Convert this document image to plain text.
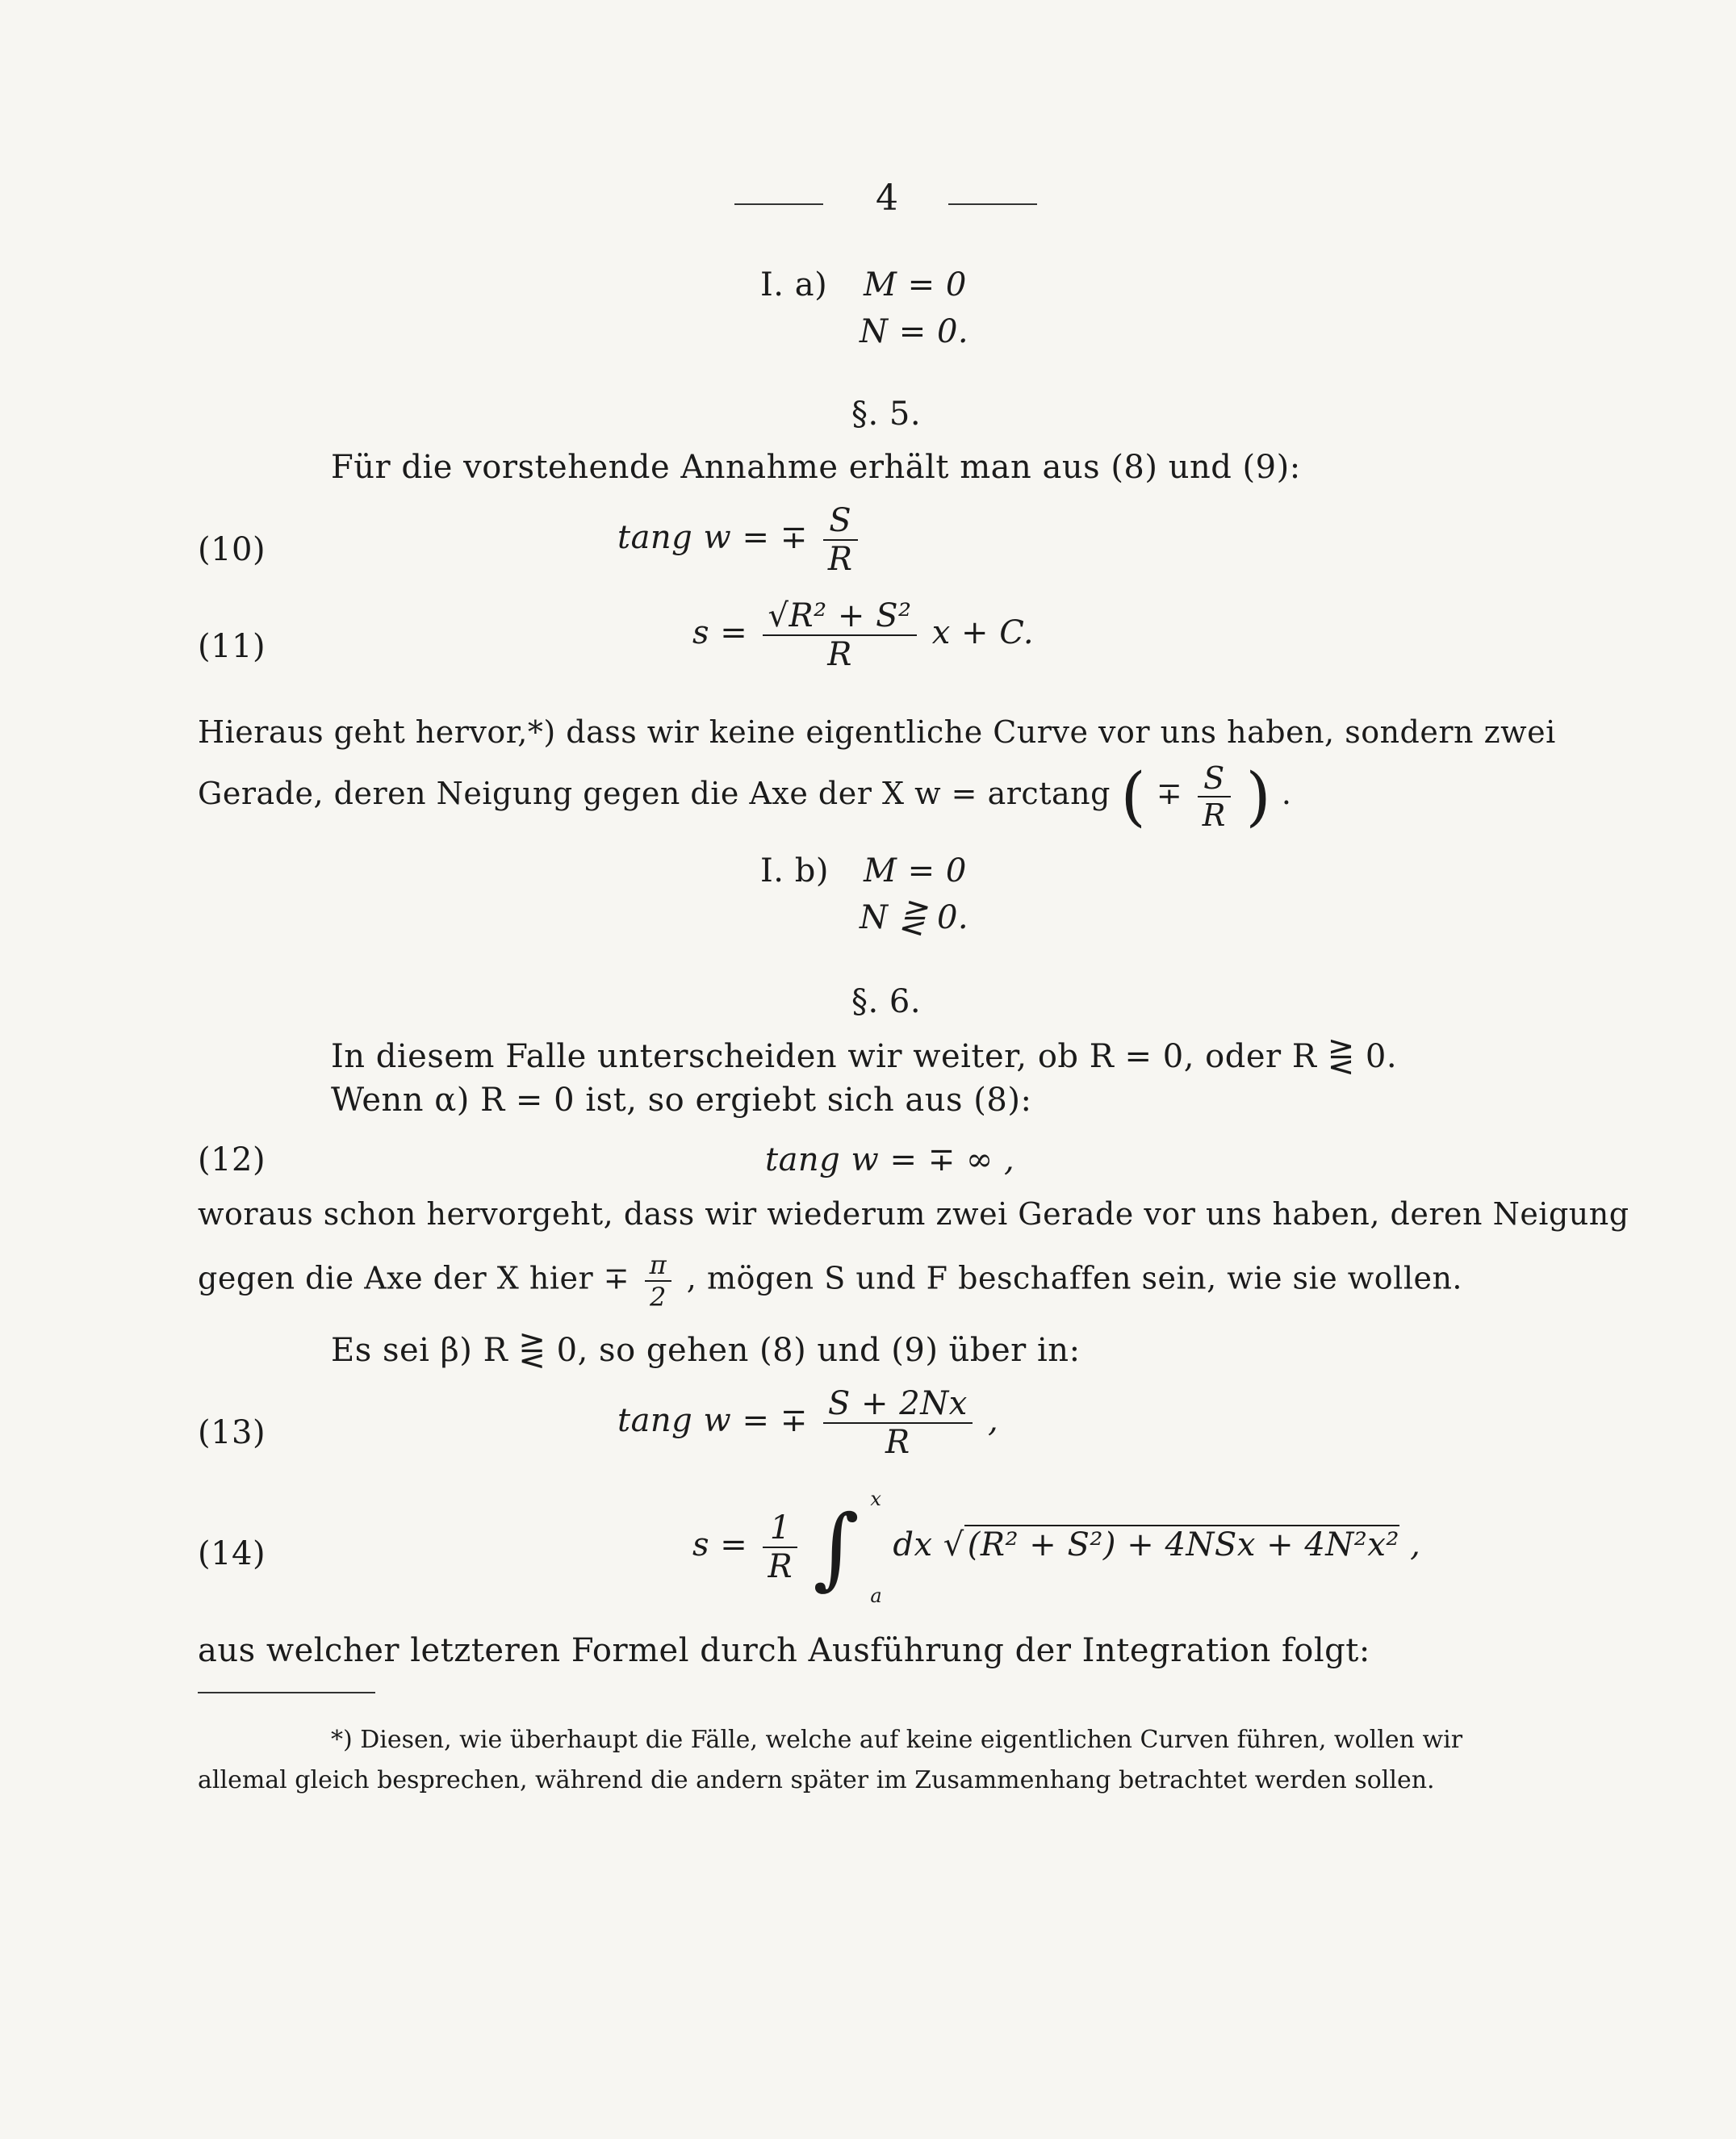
4
I. a) M = 0
N = 0.
§. 5.
Für die vorstehende Annahme erhält man aus (8) und (9):
(10)	tang w = ∓ $\frac{S}{R}$
(11)	$s = \frac{\text{√R² + S²}}{R}$ x + C.
Hieraus geht hervor,*) dass wir keine eigentliche Curve vor uns haben, sondern zwei
Gerade, deren Neigung gegen die Axe der X w = arctang ( ∓ $\frac{S}{R}$ ) .
I. b) M = 0
N ⋛ 0.
§. 6.
In diesem Falle unterscheiden wir weiter, ob R = 0, oder R ⋛ 0.
Wenn α) R = 0 ist, so ergiebt sich aus (8):
(12)	tang w = ∓ ∞ ,
woraus schon hervorgeht, dass wir wiederum zwei Gerade vor uns haben, deren Neigung
gegen die Axe der X hier ∓ $\frac{\pi}{2}$ , mögen S und F beschaffen sein, wie sie wollen.
Es sei β) R ⋛ 0, so gehen (8) und (9) über in:
(13)	tang w = ∓ $\frac{S + 2Nx}{R}$ ,
(14)	$s = \frac{1}{R}$ ∫ x
a
dx √ (R² + S²) + 4NSx + 4N²x² ,
aus welcher letzteren Formel durch Ausführung der Integration folgt:
*) Diesen, wie überhaupt die Fälle, welche auf keine eigentlichen Curven führen, wollen wir
allemal gleich besprechen, während die andern später im Zusammenhang betrachtet werden sollen.
